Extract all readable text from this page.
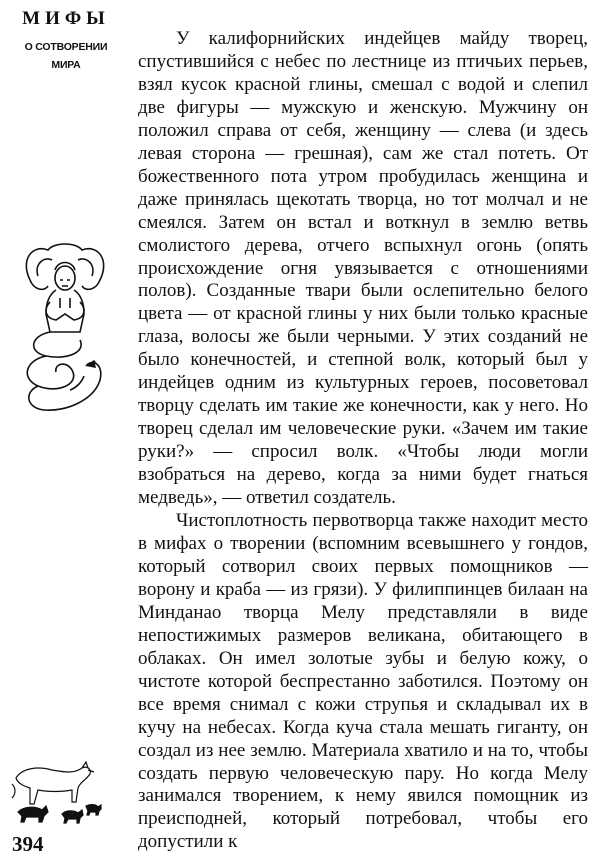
МИФЫ
О СОТВОРЕНИИ
МИРА
394

У калифорнийских индейцев майду творец, спустившийся с небес по лестнице из птичьих перьев, взял кусок красной глины, смешал с водой и слепил две фигуры — мужскую и женскую. Мужчину он положил справа от себя, женщину — слева (и здесь левая сторона — грешная), сам же стал потеть. От божественного пота утром пробудилась женщина и даже принялась щекотать творца, но тот молчал и не смеялся. Затем он встал и воткнул в землю ветвь смолистого дерева, отчего вспыхнул огонь (опять происхождение огня увязывается с отношениями полов). Созданные твари были ослепительно белого цвета — от красной глины у них были только красные глаза, волосы же были черными. У этих созданий не было конечностей, и степной волк, который был у индейцев одним из культурных героев, посоветовал творцу сделать им такие же конечности, как у него. Но творец сделал им человеческие руки. «Зачем им такие руки?» — спросил волк. «Чтобы люди могли взобраться на дерево, когда за ними будет гнаться медведь», — ответил создатель.

Чистоплотность первотворца также находит место в мифах о творении (вспомним всевышнего у гондов, который сотворил своих первых помощников — ворону и краба — из грязи). У филиппинцев билаан на Минданао творца Мелу представляли в виде непостижимых размеров великана, обитающего в облаках. Он имел золотые зубы и белую кожу, о чистоте которой беспрестанно заботился. Поэтому он все время снимал с кожи струпья и складывал их в кучу на небесах. Когда куча стала мешать гиганту, он создал из нее землю. Материала хватило и на то, чтобы создать первую человеческую пару. Но когда Мелу занимался творением, к нему явился помощник из преисподней, который потребовал, чтобы его допустили к
